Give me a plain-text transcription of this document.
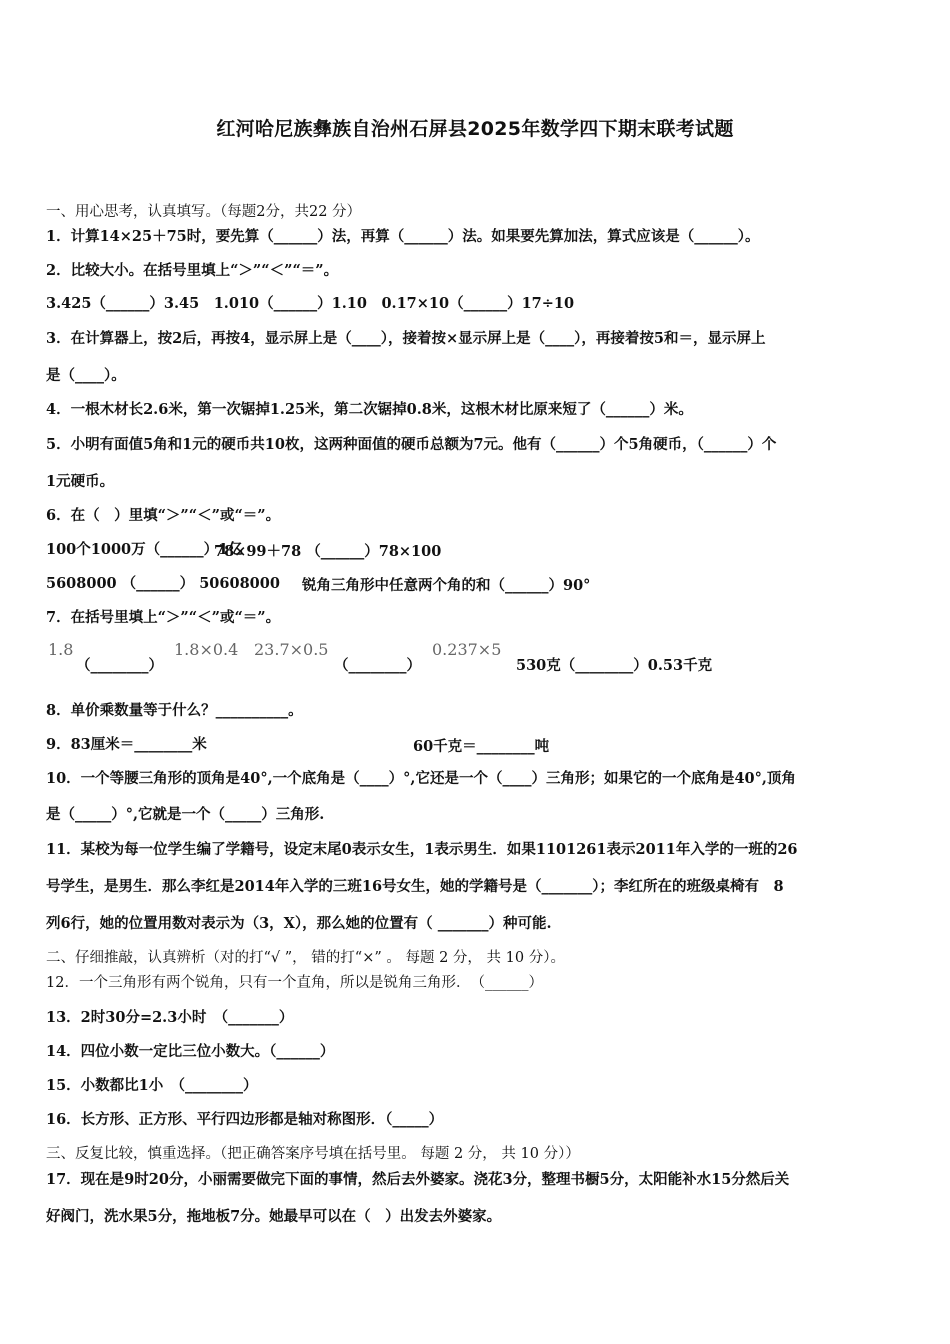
红河哈尼族彝族自治州石屏县2025年数学四下期末联考试题
一、用心思考，认真填写。（每题2分，共22 分）
1．计算14×25＋75时，要先算（______）法，再算（______）法。如果要先算加法，算式应该是（______）。
2．比较大小。在括号里填上“＞”“＜”“＝”。
3.425（______）3.45　1.010（______）1.10　0.17×10（______）17÷10
3．在计算器上，按2后，再按4，显示屏上是（____），接着按×显示屏上是（____），再接着按5和＝，显示屏上
是（____）。
4．一根木材长2.6米，第一次锯掉1.25米，第二次锯掉0.8米，这根木材比原来短了（______）米。
5．小明有面值5角和1元的硬币共10枚，这两种面值的硬币总额为7元。他有（______）个5角硬币，（______）个
1元硬币。
6．在（　）里填“＞”“＜”或“＝”。
100个1000万（______）1亿
78×99＋78 （______）78×100
5608000 （______） 50608000 锐角三角形中任意两个角的和（______）90°
7．在括号里填上“＞”“＜”或“＝”。
1.8
（________）
1.8×0.4 23.7×0.5
（________）
0.237×5
530克（________）0.53千克
8．单价乘数量等于什么？__________。
9．83厘米＝________米	60千克＝________吨
10．一个等腰三角形的顶角是40°,一个底角是（____）°,它还是一个（____）三角形；如果它的一个底角是40°,顶角
是（_____）°,它就是一个（_____）三角形.
11．某校为每一位学生编了学籍号，设定末尾0表示女生，1表示男生．如果1101261表示2011年入学的一班的26
号学生，是男生．那么李红是2014年入学的三班16号女生，她的学籍号是（_______）；李红所在的班级桌椅有　8
列6行，她的位置用数对表示为（3，X），那么她的位置有（ _______）种可能.
二、仔细推敲，认真辨析（对的打“√ ”， 错的打“×” 。 每题 2 分， 共 10 分）。
12．一个三角形有两个锐角，只有一个直角，所以是锐角三角形．　（______）
13．2时30分=2.3小时　（_______）
14．四位小数一定比三位小数大。（______）
15．小数都比1小　（________）
16．长方形、正方形、平行四边形都是轴对称图形．（_____）
三、反复比较，慎重选择。（把正确答案序号填在括号里。 每题 2 分， 共 10 分））
17．现在是9时20分，小丽需要做完下面的事情，然后去外婆家。浇花3分，整理书橱5分，太阳能补水15分然后关
好阀门，洗水果5分，拖地板7分。她最早可以在（　）出发去外婆家。
